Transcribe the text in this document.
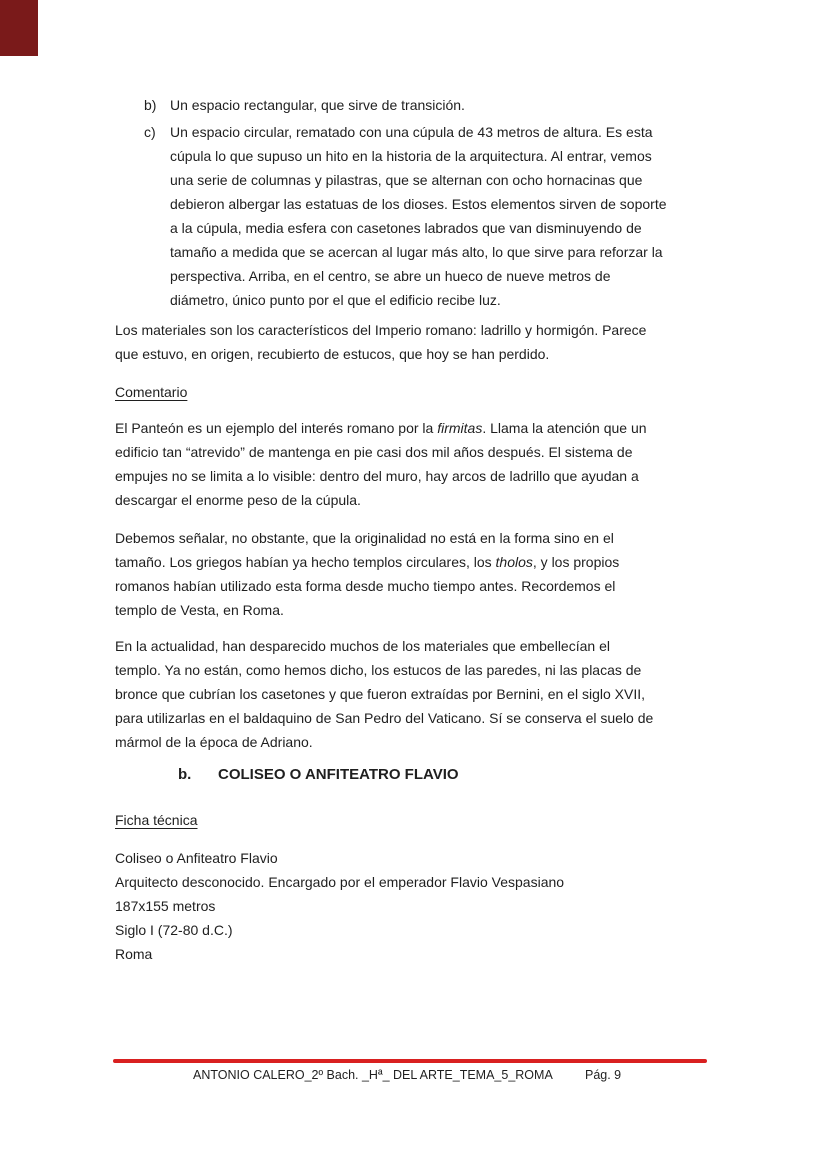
b) Un espacio rectangular, que sirve de transición.
c) Un espacio circular, rematado con una cúpula de 43 metros de altura. Es esta
cúpula lo que supuso un hito en la historia de la arquitectura. Al entrar, vemos
una serie de columnas y pilastras, que se alternan con ocho hornacinas que
debieron albergar las estatuas de los dioses. Estos elementos sirven de soporte
a la cúpula, media esfera con casetones labrados que van disminuyendo de
tamaño a medida que se acercan al lugar más alto, lo que sirve para reforzar la
perspectiva. Arriba, en el centro, se abre un hueco de nueve metros de
diámetro, único punto por el que el edificio recibe luz.
Los materiales son los característicos del Imperio romano: ladrillo y hormigón. Parece
que estuvo, en origen, recubierto de estucos, que hoy se han perdido.
Comentario
El Panteón es un ejemplo del interés romano por la firmitas. Llama la atención que un
edificio tan “atrevido” de mantenga en pie casi dos mil años después. El sistema de
empujes no se limita a lo visible: dentro del muro, hay arcos de ladrillo que ayudan a
descargar el enorme peso de la cúpula.
Debemos señalar, no obstante, que la originalidad no está en la forma sino en el
tamaño. Los griegos habían ya hecho templos circulares, los tholos, y los propios
romanos habían utilizado esta forma desde mucho tiempo antes. Recordemos el
templo de Vesta, en Roma.
En la actualidad, han desparecido muchos de los materiales que embellecían el
templo. Ya no están, como hemos dicho, los estucos de las paredes, ni las placas de
bronce que cubrían los casetones y que fueron extraídas por Bernini, en el siglo XVII,
para utilizarlas en el baldaquino de San Pedro del Vaticano. Sí se conserva el suelo de
mármol de la época de Adriano.
b. COLISEO O ANFITEATRO FLAVIO
Ficha técnica
Coliseo o Anfiteatro Flavio
Arquitecto desconocido. Encargado por el emperador Flavio Vespasiano
187x155 metros
Siglo I (72-80 d.C.)
Roma
ANTONIO CALERO_2º Bach. _Hª_ DEL ARTE_TEMA_5_ROMA	Pág. 9
